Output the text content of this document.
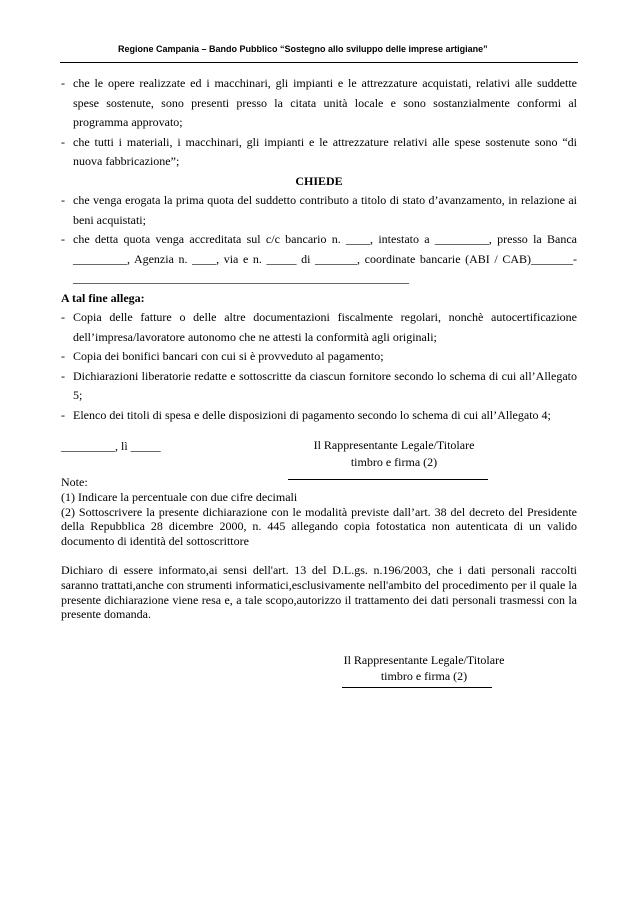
Regione Campania – Bando Pubblico “Sostegno allo sviluppo delle imprese artigiane”
- che le opere realizzate ed i macchinari, gli impianti e le attrezzature acquistati, relativi alle suddette spese sostenute, sono presenti presso la citata unità locale e sono sostanzialmente conformi al programma approvato;
- che tutti i materiali, i macchinari, gli impianti e le attrezzature relativi alle spese sostenute sono “di nuova fabbricazione”;
CHIEDE
- che venga erogata la prima quota del suddetto contributo a titolo di stato d’avanzamento, in relazione ai beni acquistati;
- che detta quota venga accreditata sul c/c bancario n. ____, intestato a _________, presso la Banca _________, Agenzia n. ____, via e n. _____ di _______, coordinate bancarie (ABI / CAB)_______-________________________________________________________
A tal fine allega:
- Copia delle fatture o delle altre documentazioni fiscalmente regolari, nonchè autocertificazione dell’impresa/lavoratore autonomo che ne attesti la conformità agli originali;
- Copia dei bonifici bancari con cui si è provveduto al pagamento;
- Dichiarazioni liberatorie redatte e sottoscritte da ciascun fornitore secondo lo schema di cui all’Allegato 5;
- Elenco dei titoli di spesa e delle disposizioni di pagamento secondo lo schema di cui all’Allegato 4;
_________, lì _____	Il Rappresentante Legale/Titolare
timbro e firma (2)
Note:
(1) Indicare la percentuale con due cifre decimali
(2) Sottoscrivere la presente dichiarazione con le modalità previste dall’art. 38 del decreto del Presidente della Repubblica 28 dicembre 2000, n. 445 allegando copia fotostatica non autenticata di un valido documento di identità del sottoscrittore
Dichiaro di essere informato,ai sensi dell'art. 13 del D.L.gs. n.196/2003, che i dati personali raccolti saranno trattati,anche con strumenti informatici,esclusivamente nell'ambito del procedimento per il quale la presente dichiarazione viene resa e, a tale scopo,autorizzo il trattamento dei dati personali trasmessi con la presente domanda.
Il Rappresentante Legale/Titolare
timbro e firma (2)
